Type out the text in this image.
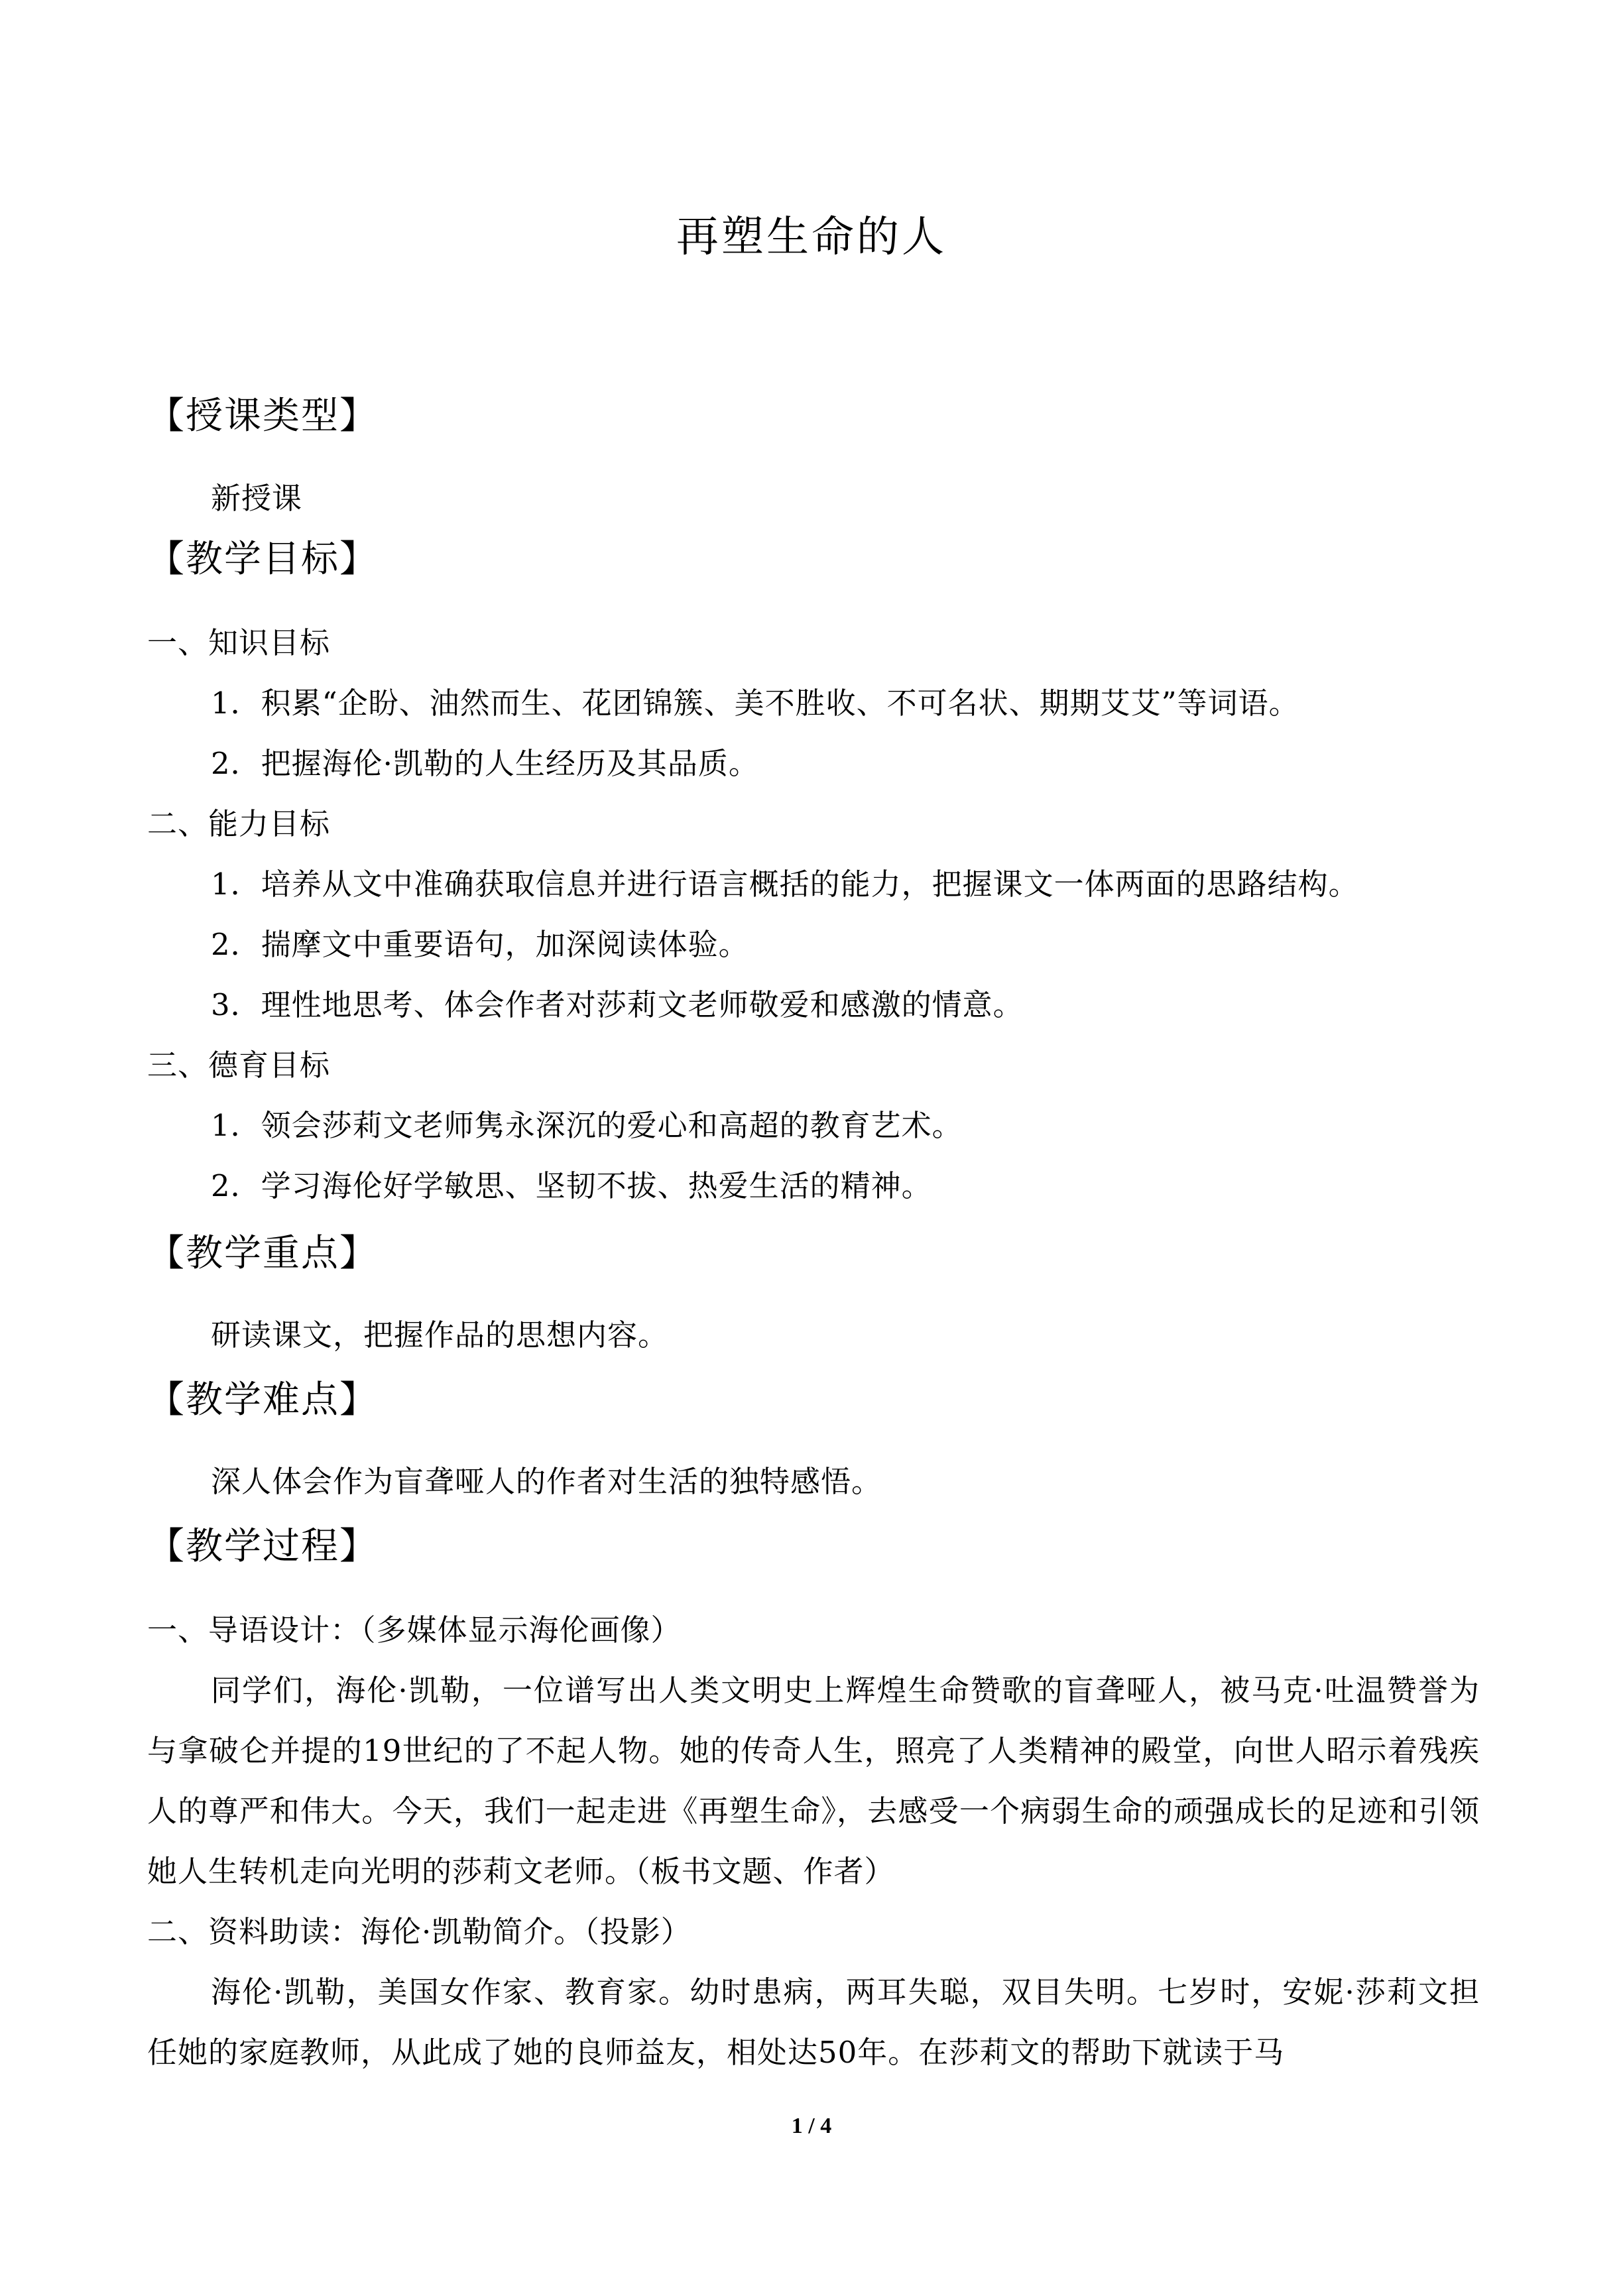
再塑生命的人
【授课类型】
新授课
【教学目标】
一、知识目标
1．积累“企盼、油然而生、花团锦簇、美不胜收、不可名状、期期艾艾”等词语。
2．把握海伦·凯勒的人生经历及其品质。
二、能力目标
1．培养从文中准确获取信息并进行语言概括的能力，把握课文一体两面的思路结构。
2．揣摩文中重要语句，加深阅读体验。
3．理性地思考、体会作者对莎莉文老师敬爱和感激的情意。
三、德育目标
1．领会莎莉文老师隽永深沉的爱心和高超的教育艺术。
2．学习海伦好学敏思、坚韧不拔、热爱生活的精神。
【教学重点】
研读课文，把握作品的思想内容。
【教学难点】
深人体会作为盲聋哑人的作者对生活的独特感悟。
【教学过程】
一、导语设计：（多媒体显示海伦画像）
同学们，海伦·凯勒，一位谱写出人类文明史上辉煌生命赞歌的盲聋哑人，被马克·吐温赞誉为与拿破仑并提的19世纪的了不起人物。她的传奇人生，照亮了人类精神的殿堂，向世人昭示着残疾人的尊严和伟大。今天，我们一起走进《再塑生命》，去感受一个病弱生命的顽强成长的足迹和引领她人生转机走向光明的莎莉文老师。（板书文题、作者）
二、资料助读：海伦·凯勒简介。（投影）
海伦·凯勒，美国女作家、教育家。幼时患病，两耳失聪，双目失明。七岁时，安妮·莎莉文担任她的家庭教师，从此成了她的良师益友，相处达50年。在莎莉文的帮助下就读于马
1 / 4
